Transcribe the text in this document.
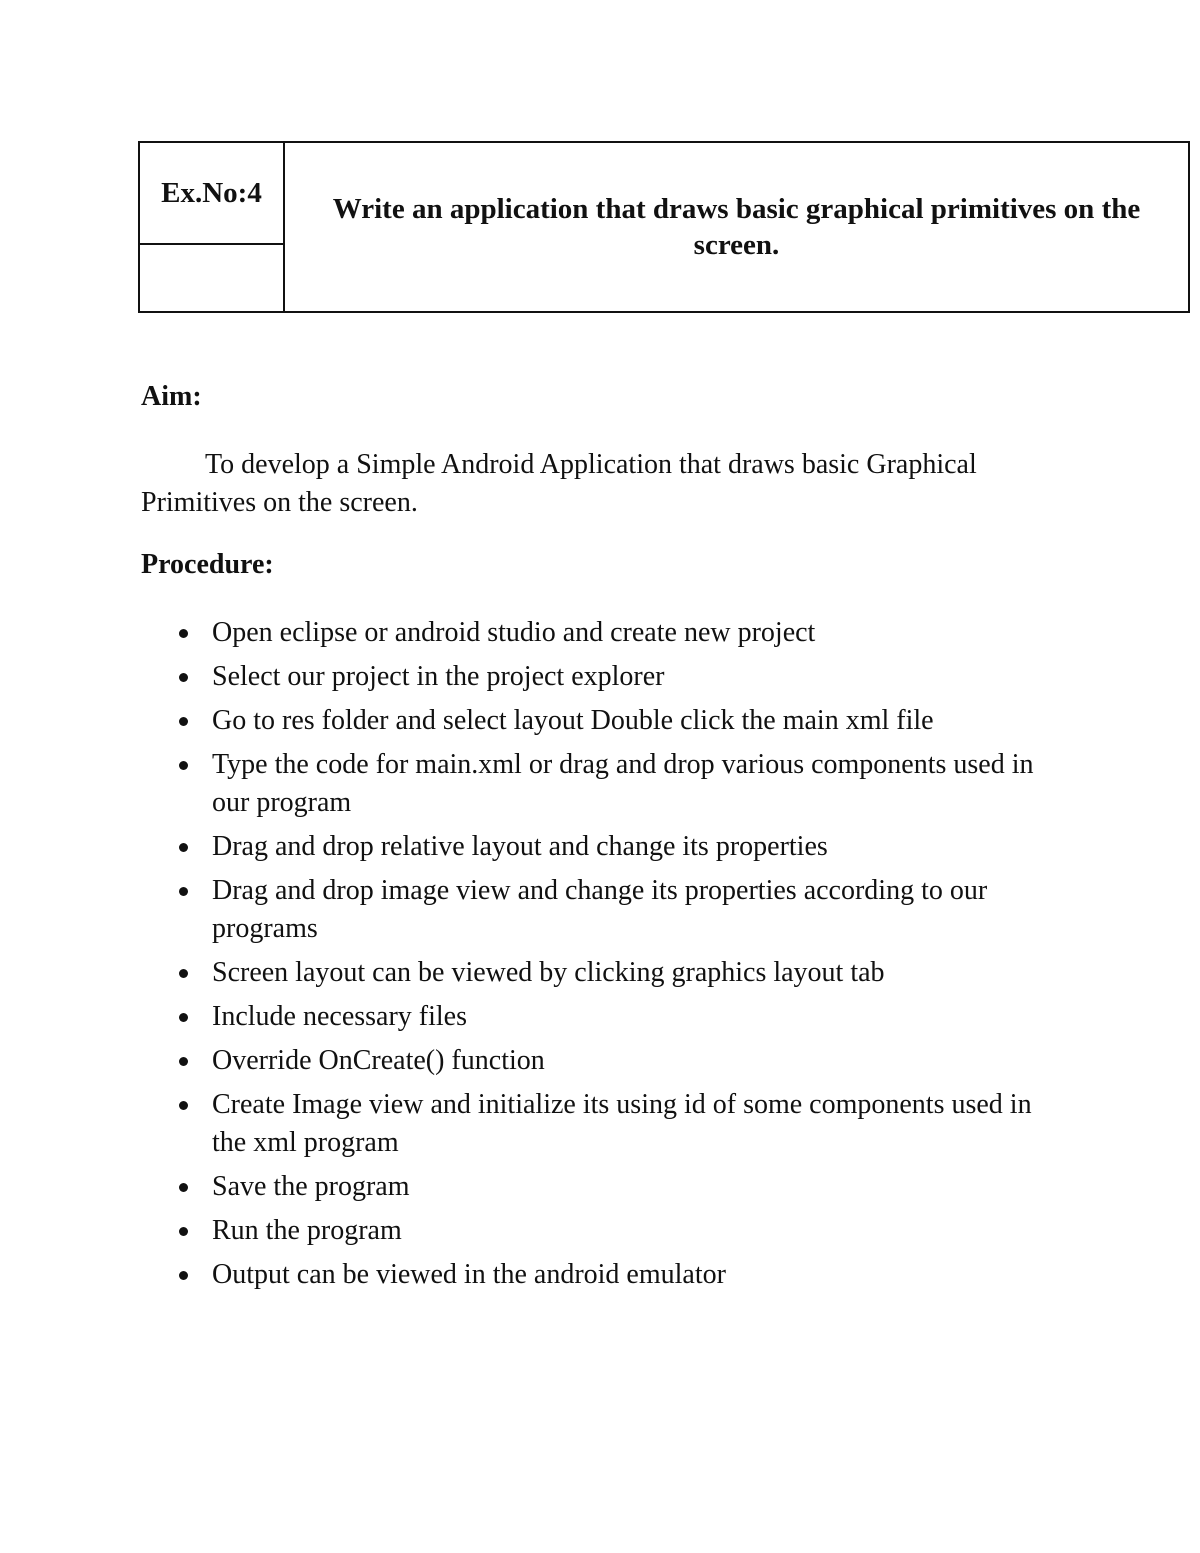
Ex.No:4
Write an application that draws basic graphical primitives on the screen.
Aim:

To develop a Simple Android Application that draws basic Graphical Primitives on the screen.

Procedure:
Open eclipse or android studio and create new project
Select our project in the project explorer
Go to res folder and select layout Double click the main xml file
Type the code for main.xml or drag and drop various components used in our program
Drag and drop relative layout and change its properties
Drag and drop image view and change its properties according to our programs
Screen layout can be viewed by clicking graphics layout tab
Include necessary files
Override OnCreate() function
Create Image view and initialize its using id of some components used in the xml program
Save the program
Run the program
Output can be viewed in the android emulator
